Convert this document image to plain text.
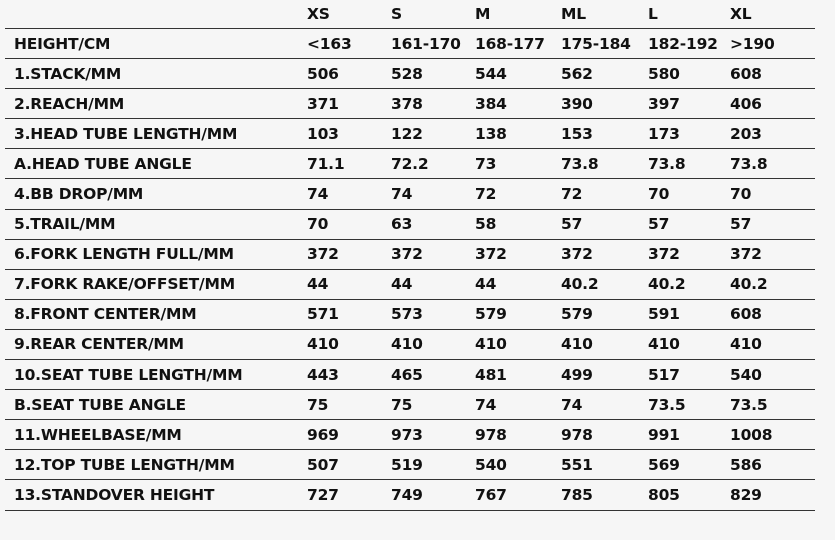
	XS	S	M	ML	L	XL
HEIGHT/CM	<163	161-170	168-177	175-184	182-192	>190
1.STACK/MM	506	528	544	562	580	608
2.REACH/MM	371	378	384	390	397	406
3.HEAD TUBE LENGTH/MM	103	122	138	153	173	203
A.HEAD TUBE ANGLE	71.1	72.2	73	73.8	73.8	73.8
4.BB DROP/MM	74	74	72	72	70	70
5.TRAIL/MM	70	63	58	57	57	57
6.FORK LENGTH FULL/MM	372	372	372	372	372	372
7.FORK RAKE/OFFSET/MM	44	44	44	40.2	40.2	40.2
8.FRONT CENTER/MM	571	573	579	579	591	608
9.REAR CENTER/MM	410	410	410	410	410	410
10.SEAT TUBE LENGTH/MM	443	465	481	499	517	540
B.SEAT TUBE ANGLE	75	75	74	74	73.5	73.5
11.WHEELBASE/MM	969	973	978	978	991	1008
12.TOP TUBE LENGTH/MM	507	519	540	551	569	586
13.STANDOVER HEIGHT	727	749	767	785	805	829
